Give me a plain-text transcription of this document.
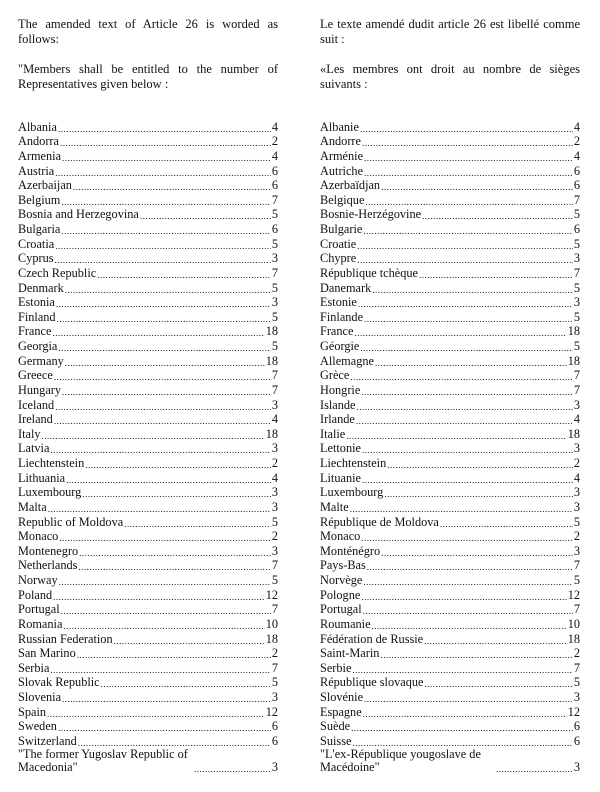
The amended text of Article 26 is worded as follows:
"Members shall be entitled to the number of Representatives given below :
Albania .....	4
Andorra .....	2
Armenia .....	4
Austria .....	6
Azerbaijan .....	6
Belgium .....	7
Bosnia and Herzegovina .....	5
Bulgaria .....	6
Croatia .....	5
Cyprus .....	3
Czech Republic .....	7
Denmark .....	5
Estonia .....	3
Finland .....	5
France .....	18
Georgia .....	5
Germany .....	18
Greece .....	7
Hungary .....	7
Iceland .....	3
Ireland .....	4
Italy .....	18
Latvia .....	3
Liechtenstein .....	2
Lithuania .....	4
Luxembourg .....	3
Malta .....	3
Republic of Moldova .....	5
Monaco .....	2
Montenegro .....	3
Netherlands .....	7
Norway .....	5
Poland .....	12
Portugal .....	7
Romania .....	10
Russian Federation .....	18
San Marino .....	2
Serbia .....	7
Slovak Republic .....	5
Slovenia .....	3
Spain .....	12
Sweden .....	6
Switzerland .....	6
"The former Yugoslav Republic of Macedonia" .....	3
Le texte amendé dudit article 26 est libellé comme suit :
«Les membres ont droit au nombre de sièges suivants :
Albanie .....	4
Andorre .....	2
Arménie .....	4
Autriche .....	6
Azerbaïdjan .....	6
Belgique .....	7
Bosnie-Herzégovine .....	5
Bulgarie .....	6
Croatie .....	5
Chypre .....	3
République tchèque .....	7
Danemark .....	5
Estonie .....	3
Finlande .....	5
France .....	18
Géorgie .....	5
Allemagne .....	18
Grèce .....	7
Hongrie .....	7
Islande .....	3
Irlande .....	4
Italie .....	18
Lettonie .....	3
Liechtenstein .....	2
Lituanie .....	4
Luxembourg .....	3
Malte .....	3
République de Moldova .....	5
Monaco .....	2
Monténégro .....	3
Pays-Bas .....	7
Norvège .....	5
Pologne .....	12
Portugal .....	7
Roumanie .....	10
Fédération de Russie .....	18
Saint-Marin .....	2
Serbie .....	7
République slovaque .....	5
Slovénie .....	3
Espagne .....	12
Suède .....	6
Suisse .....	6
"L'ex-République yougoslave de Macédoine" .....	3
